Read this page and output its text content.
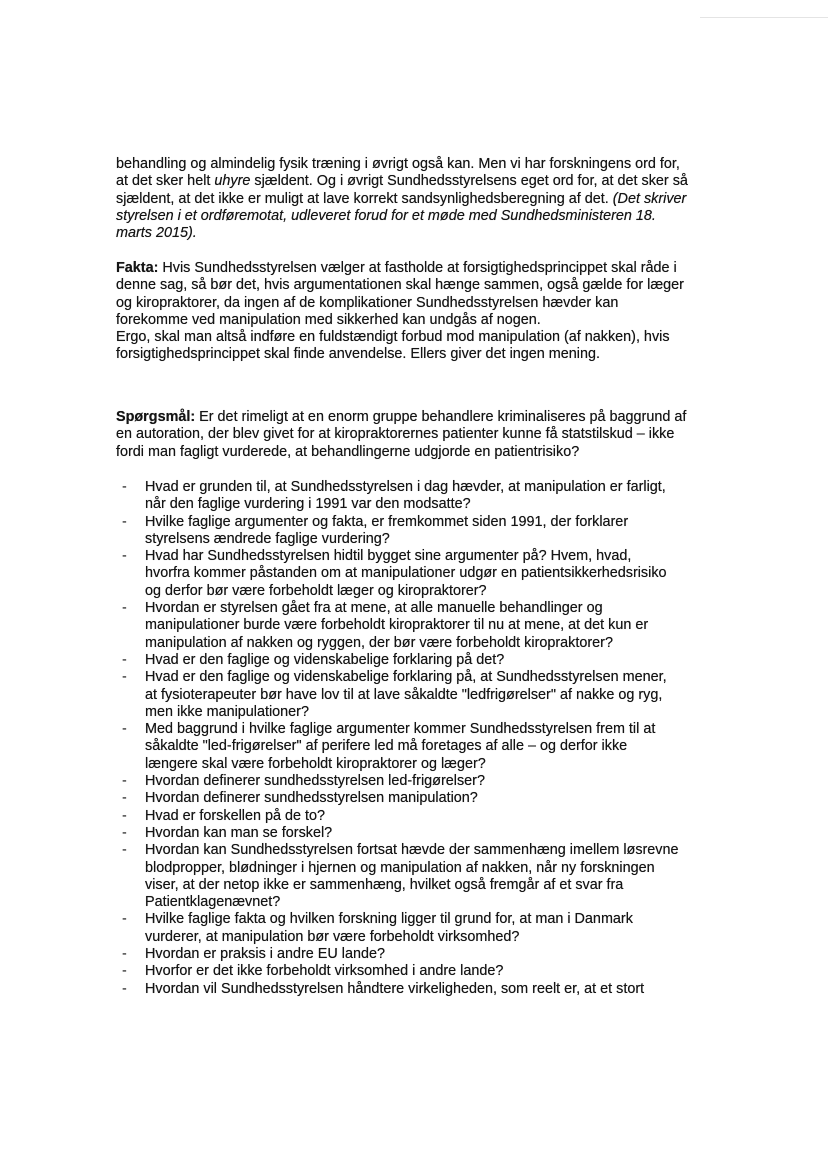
behandling og almindelig fysik træning i øvrigt også kan. Men vi har forskningens ord for,
at det sker helt uhyre sjældent. Og i øvrigt Sundhedsstyrelsens eget ord for, at det sker så
sjældent, at det ikke er muligt at lave korrekt sandsynlighedsberegning af det. (Det skriver
styrelsen i et ordføremotat, udleveret forud for et møde med Sundhedsministeren 18.
marts 2015).
Fakta: Hvis Sundhedsstyrelsen vælger at fastholde at forsigtighedsprincippet skal råde i
denne sag, så bør det, hvis argumentationen skal hænge sammen, også gælde for læger
og kiropraktorer, da ingen af de komplikationer Sundhedsstyrelsen hævder kan
forekomme ved manipulation med sikkerhed kan undgås af nogen.
Ergo, skal man altså indføre en fuldstændigt forbud mod manipulation (af nakken), hvis
forsigtighedsprincippet skal finde anvendelse. Ellers giver det ingen mening.
Spørgsmål: Er det rimeligt at en enorm gruppe behandlere kriminaliseres på baggrund af
en autoration, der blev givet for at kiropraktorernes patienter kunne få statstilskud – ikke
fordi man fagligt vurderede, at behandlingerne udgjorde en patientrisiko?
- Hvad er grunden til, at Sundhedsstyrelsen i dag hævder, at manipulation er farligt,
når den faglige vurdering i 1991 var den modsatte?
- Hvilke faglige argumenter og fakta, er fremkommet siden 1991, der forklarer
styrelsens ændrede faglige vurdering?
- Hvad har Sundhedsstyrelsen hidtil bygget sine argumenter på? Hvem, hvad,
hvorfra kommer påstanden om at manipulationer udgør en patientsikkerhedsrisiko
og derfor bør være forbeholdt læger og kiropraktorer?
- Hvordan er styrelsen gået fra at mene, at alle manuelle behandlinger og
manipulationer burde være forbeholdt kiropraktorer til nu at mene, at det kun er
manipulation af nakken og ryggen, der bør være forbeholdt kiropraktorer?
- Hvad er den faglige og videnskabelige forklaring på det?
- Hvad er den faglige og videnskabelige forklaring på, at Sundhedsstyrelsen mener,
at fysioterapeuter bør have lov til at lave såkaldte "ledfrigørelser" af nakke og ryg,
men ikke manipulationer?
- Med baggrund i hvilke faglige argumenter kommer Sundhedsstyrelsen frem til at
såkaldte "led-frigørelser" af perifere led må foretages af alle – og derfor ikke
længere skal være forbeholdt kiropraktorer og læger?
- Hvordan definerer sundhedsstyrelsen led-frigørelser?
- Hvordan definerer sundhedsstyrelsen manipulation?
- Hvad er forskellen på de to?
- Hvordan kan man se forskel?
- Hvordan kan Sundhedsstyrelsen fortsat hævde der sammenhæng imellem løsrevne
blodpropper, blødninger i hjernen og manipulation af nakken, når ny forskningen
viser, at der netop ikke er sammenhæng, hvilket også fremgår af et svar fra
Patientklagenævnet?
- Hvilke faglige fakta og hvilken forskning ligger til grund for, at man i Danmark
vurderer, at manipulation bør være forbeholdt virksomhed?
- Hvordan er praksis i andre EU lande?
- Hvorfor er det ikke forbeholdt virksomhed i andre lande?
- Hvordan vil Sundhedsstyrelsen håndtere virkeligheden, som reelt er, at et stort
